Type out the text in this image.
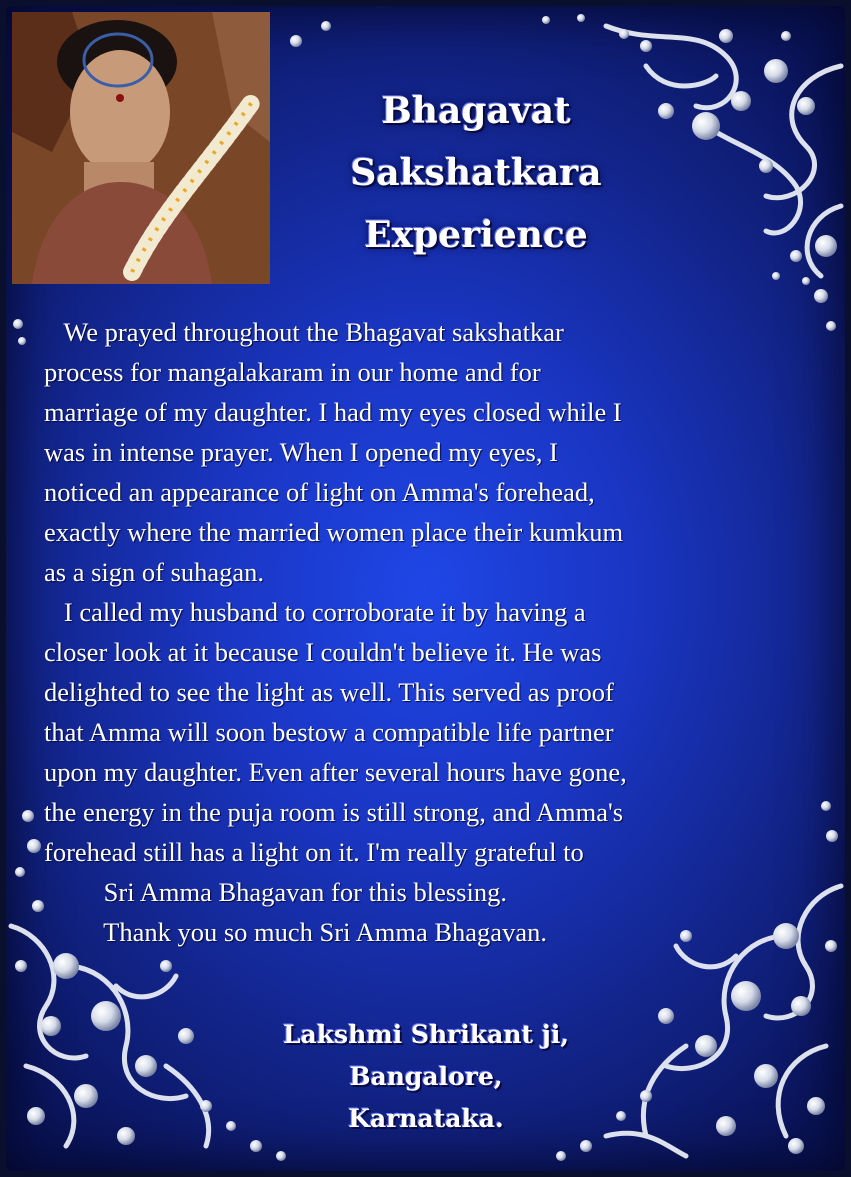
Bhagavat
Sakshatkara
Experience
We prayed throughout the Bhagavat sakshatkar
process for mangalakaram in our home and for
marriage of my daughter. I had my eyes closed while I
was in intense prayer. When I opened my eyes, I
noticed an appearance of light on Amma's forehead,
exactly where the married women place their kumkum
as a sign of suhagan.
I called my husband to corroborate it by having a
closer look at it because I couldn't believe it. He was
delighted to see the light as well. This served as proof
that Amma will soon bestow a compatible life partner
upon my daughter. Even after several hours have gone,
the energy in the puja room is still strong, and Amma's
forehead still has a light on it. I'm really grateful to
Sri Amma Bhagavan for this blessing.
Thank you so much Sri Amma Bhagavan.
Lakshmi Shrikant ji,
Bangalore,
Karnataka.
